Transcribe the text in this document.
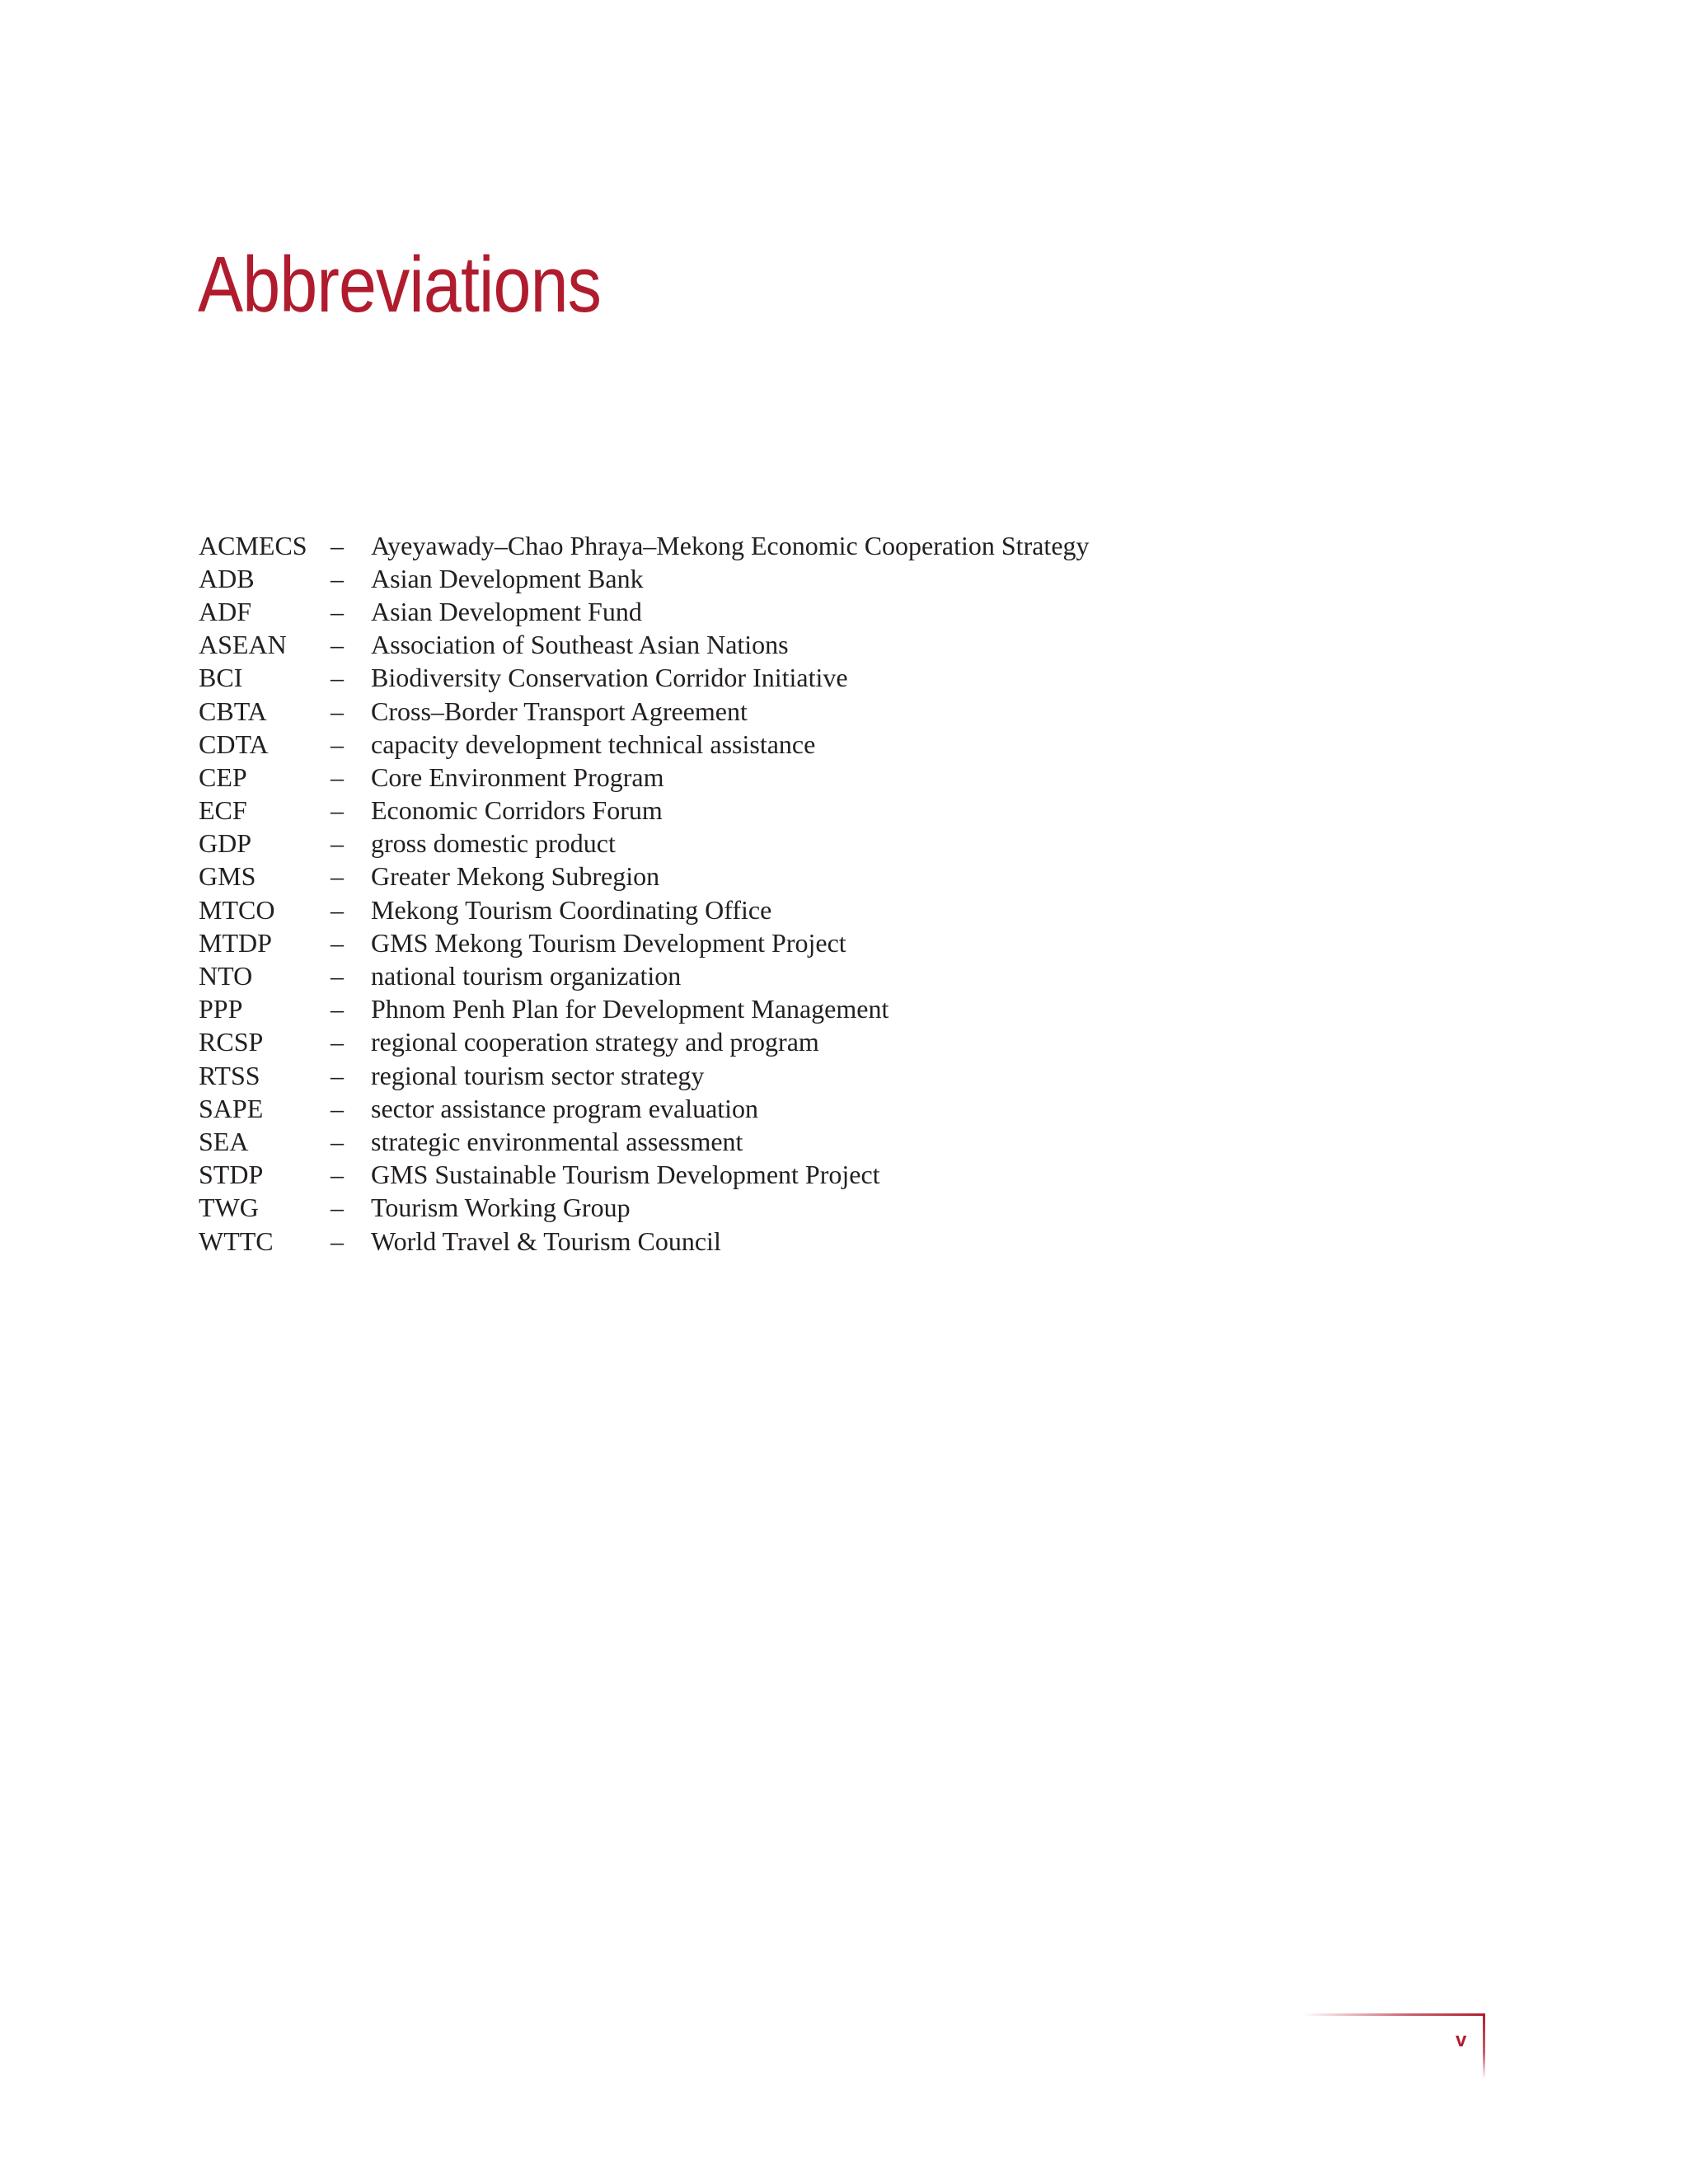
Abbreviations
ACMECS –	Ayeyawady–Chao Phraya–Mekong Economic Cooperation Strategy
ADB	–	Asian Development Bank
ADF	–	Asian Development Fund
ASEAN	–	Association of Southeast Asian Nations
BCI	–	Biodiversity Conservation Corridor Initiative
CBTA	–	Cross–Border Transport Agreement
CDTA	–	capacity development technical assistance
CEP	–	Core Environment Program
ECF	–	Economic Corridors Forum
GDP	–	gross domestic product
GMS	–	Greater Mekong Subregion
MTCO	–	Mekong Tourism Coordinating Office
MTDP	–	GMS Mekong Tourism Development Project
NTO	–	national tourism organization
PPP	–	Phnom Penh Plan for Development Management
RCSP	–	regional cooperation strategy and program
RTSS	–	regional tourism sector strategy
SAPE	–	sector assistance program evaluation
SEA	–	strategic environmental assessment
STDP	–	GMS Sustainable Tourism Development Project
TWG	–	Tourism Working Group
WTTC	–	World Travel & Tourism Council
v
